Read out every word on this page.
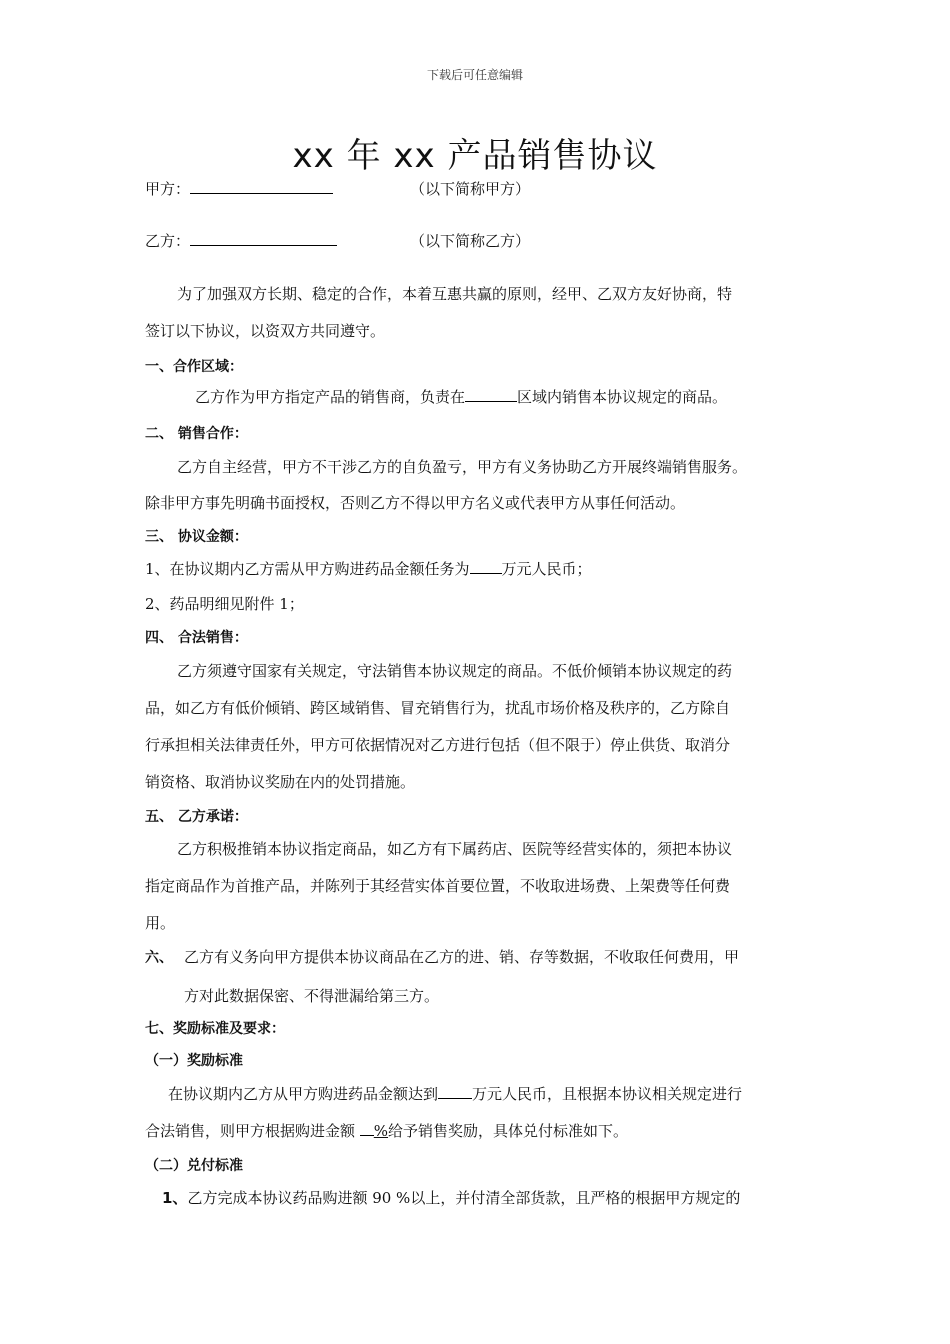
下载后可任意编辑
xx 年 xx 产品销售协议
甲方：	（以下简称甲方）
乙方：	（以下简称乙方）
为了加强双方长期、稳定的合作，本着互惠共赢的原则，经甲、乙双方友好协商，特
签订以下协议，以资双方共同遵守。
一、合作区域：
乙方作为甲方指定产品的销售商，负责在	区域内销售本协议规定的商品。
二、 销售合作：
乙方自主经营，甲方不干涉乙方的自负盈亏，甲方有义务协助乙方开展终端销售服务。
除非甲方事先明确书面授权，否则乙方不得以甲方名义或代表甲方从事任何活动。
三、 协议金额：
1、在协议期内乙方需从甲方购进药品金额任务为 万元人民币；
2、药品明细见附件 1；
四、 合法销售：
乙方须遵守国家有关规定，守法销售本协议规定的商品。不低价倾销本协议规定的药
品，如乙方有低价倾销、跨区域销售、冒充销售行为，扰乱市场价格及秩序的，乙方除自
行承担相关法律责任外，甲方可依据情况对乙方进行包括（但不限于）停止供货、取消分
销资格、取消协议奖励在内的处罚措施。
五、 乙方承诺：
乙方积极推销本协议指定商品，如乙方有下属药店、医院等经营实体的，须把本协议
指定商品作为首推产品，并陈列于其经营实体首要位置，不收取进场费、上架费等任何费
用。
六、 乙方有义务向甲方提供本协议商品在乙方的进、销、存等数据，不收取任何费用，甲
方对此数据保密、不得泄漏给第三方。
七、奖励标准及要求：
（一）奖励标准
在协议期内乙方从甲方购进药品金额达到 万元人民币，且根据本协议相关规定进行
合法销售，则甲方根据购进金额 %给予销售奖励，具体兑付标准如下。
（二）兑付标准
1、乙方完成本协议药品购进额 90 %以上，并付清全部货款，且严格的根据甲方规定的
